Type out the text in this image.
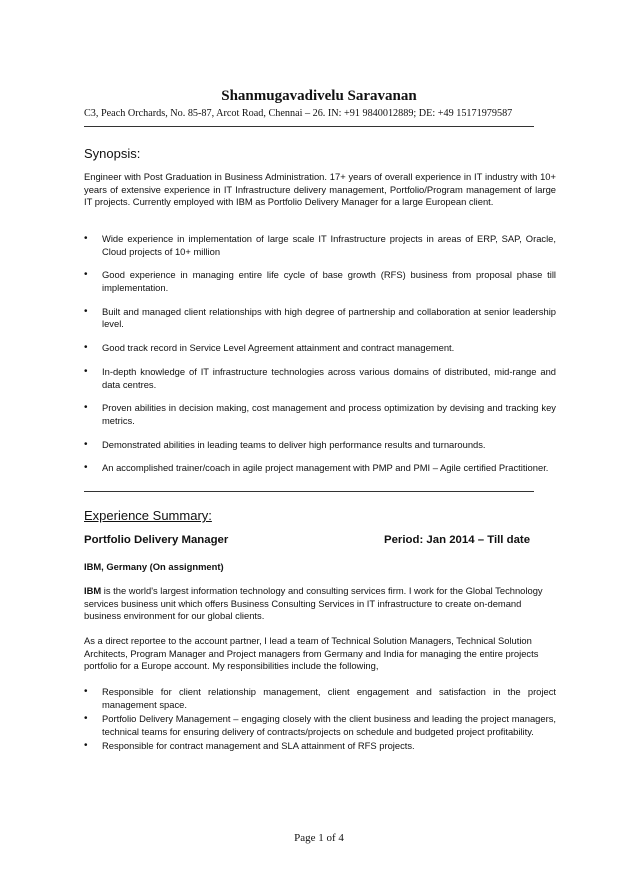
Shanmugavadivelu Saravanan
C3, Peach Orchards, No. 85-87, Arcot Road, Chennai – 26. IN: +91 9840012889; DE: +49 15171979587
Synopsis:
Engineer with Post Graduation in Business Administration. 17+ years of overall experience in IT industry with 10+ years of extensive experience in IT Infrastructure delivery management, Portfolio/Program management of large IT projects. Currently employed with IBM as Portfolio Delivery Manager for a large European client.
•	Wide experience in implementation of large scale IT Infrastructure projects in areas of ERP, SAP, Oracle, Cloud projects of 10+ million
•	Good experience in managing entire life cycle of base growth (RFS) business from proposal phase till implementation.
•	Built and managed client relationships with high degree of partnership and collaboration at senior leadership level.
•	Good track record in Service Level Agreement attainment and contract management.
•	In-depth knowledge of IT infrastructure technologies across various domains of distributed, mid-range and data centres.
•	Proven abilities in decision making, cost management and process optimization by devising and tracking key metrics.
•	Demonstrated abilities in leading teams to deliver high performance results and turnarounds.
•	An accomplished trainer/coach in agile project management with PMP and PMI – Agile certified Practitioner.
Experience Summary:
Portfolio Delivery Manager	Period: Jan 2014 – Till date
IBM, Germany (On assignment)
IBM is the world's largest information technology and consulting services firm. I work for the Global Technology services business unit which offers Business Consulting Services in IT infrastructure to create on-demand business environment for our global clients.
As a direct reportee to the account partner, I lead a team of Technical Solution Managers, Technical Solution Architects, Program Manager and Project managers from Germany and India for managing the entire projects portfolio for a Europe account. My responsibilities include the following,
•	Responsible for client relationship management, client engagement and satisfaction in the project management space.
•	Portfolio Delivery Management – engaging closely with the client business and leading the project managers, technical teams for ensuring delivery of contracts/projects on schedule and budgeted project profitability.
•	Responsible for contract management and SLA attainment of RFS projects.
Page 1 of 4
